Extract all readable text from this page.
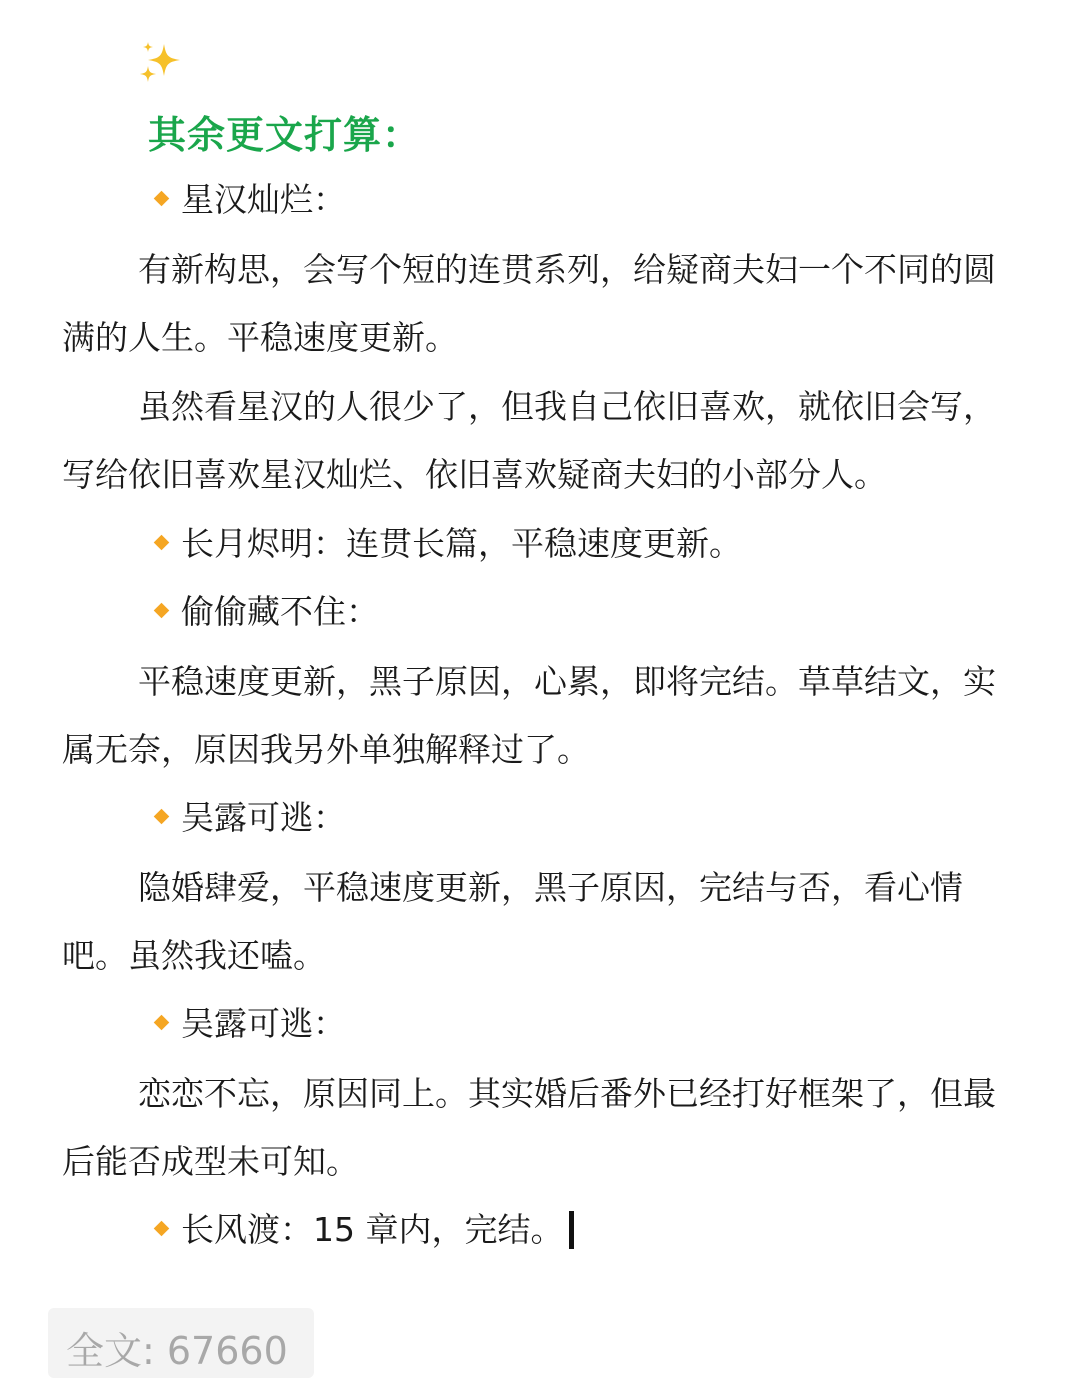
其余更文打算：
星汉灿烂：
有新构思，会写个短的连贯系列，给疑商夫妇一个不同的圆满的人生。平稳速度更新。
虽然看星汉的人很少了，但我自己依旧喜欢，就依旧会写，写给依旧喜欢星汉灿烂、依旧喜欢疑商夫妇的小部分人。
长月烬明：连贯长篇，平稳速度更新。
偷偷藏不住：
平稳速度更新，黑子原因，心累，即将完结。草草结文，实属无奈，原因我另外单独解释过了。
吴露可逃：
隐婚肆爱，平稳速度更新，黑子原因，完结与否，看心情吧。虽然我还嗑。
吴露可逃：
恋恋不忘，原因同上。其实婚后番外已经打好框架了，但最后能否成型未可知。
长风渡：15 章内，完结。
全文: 67660
